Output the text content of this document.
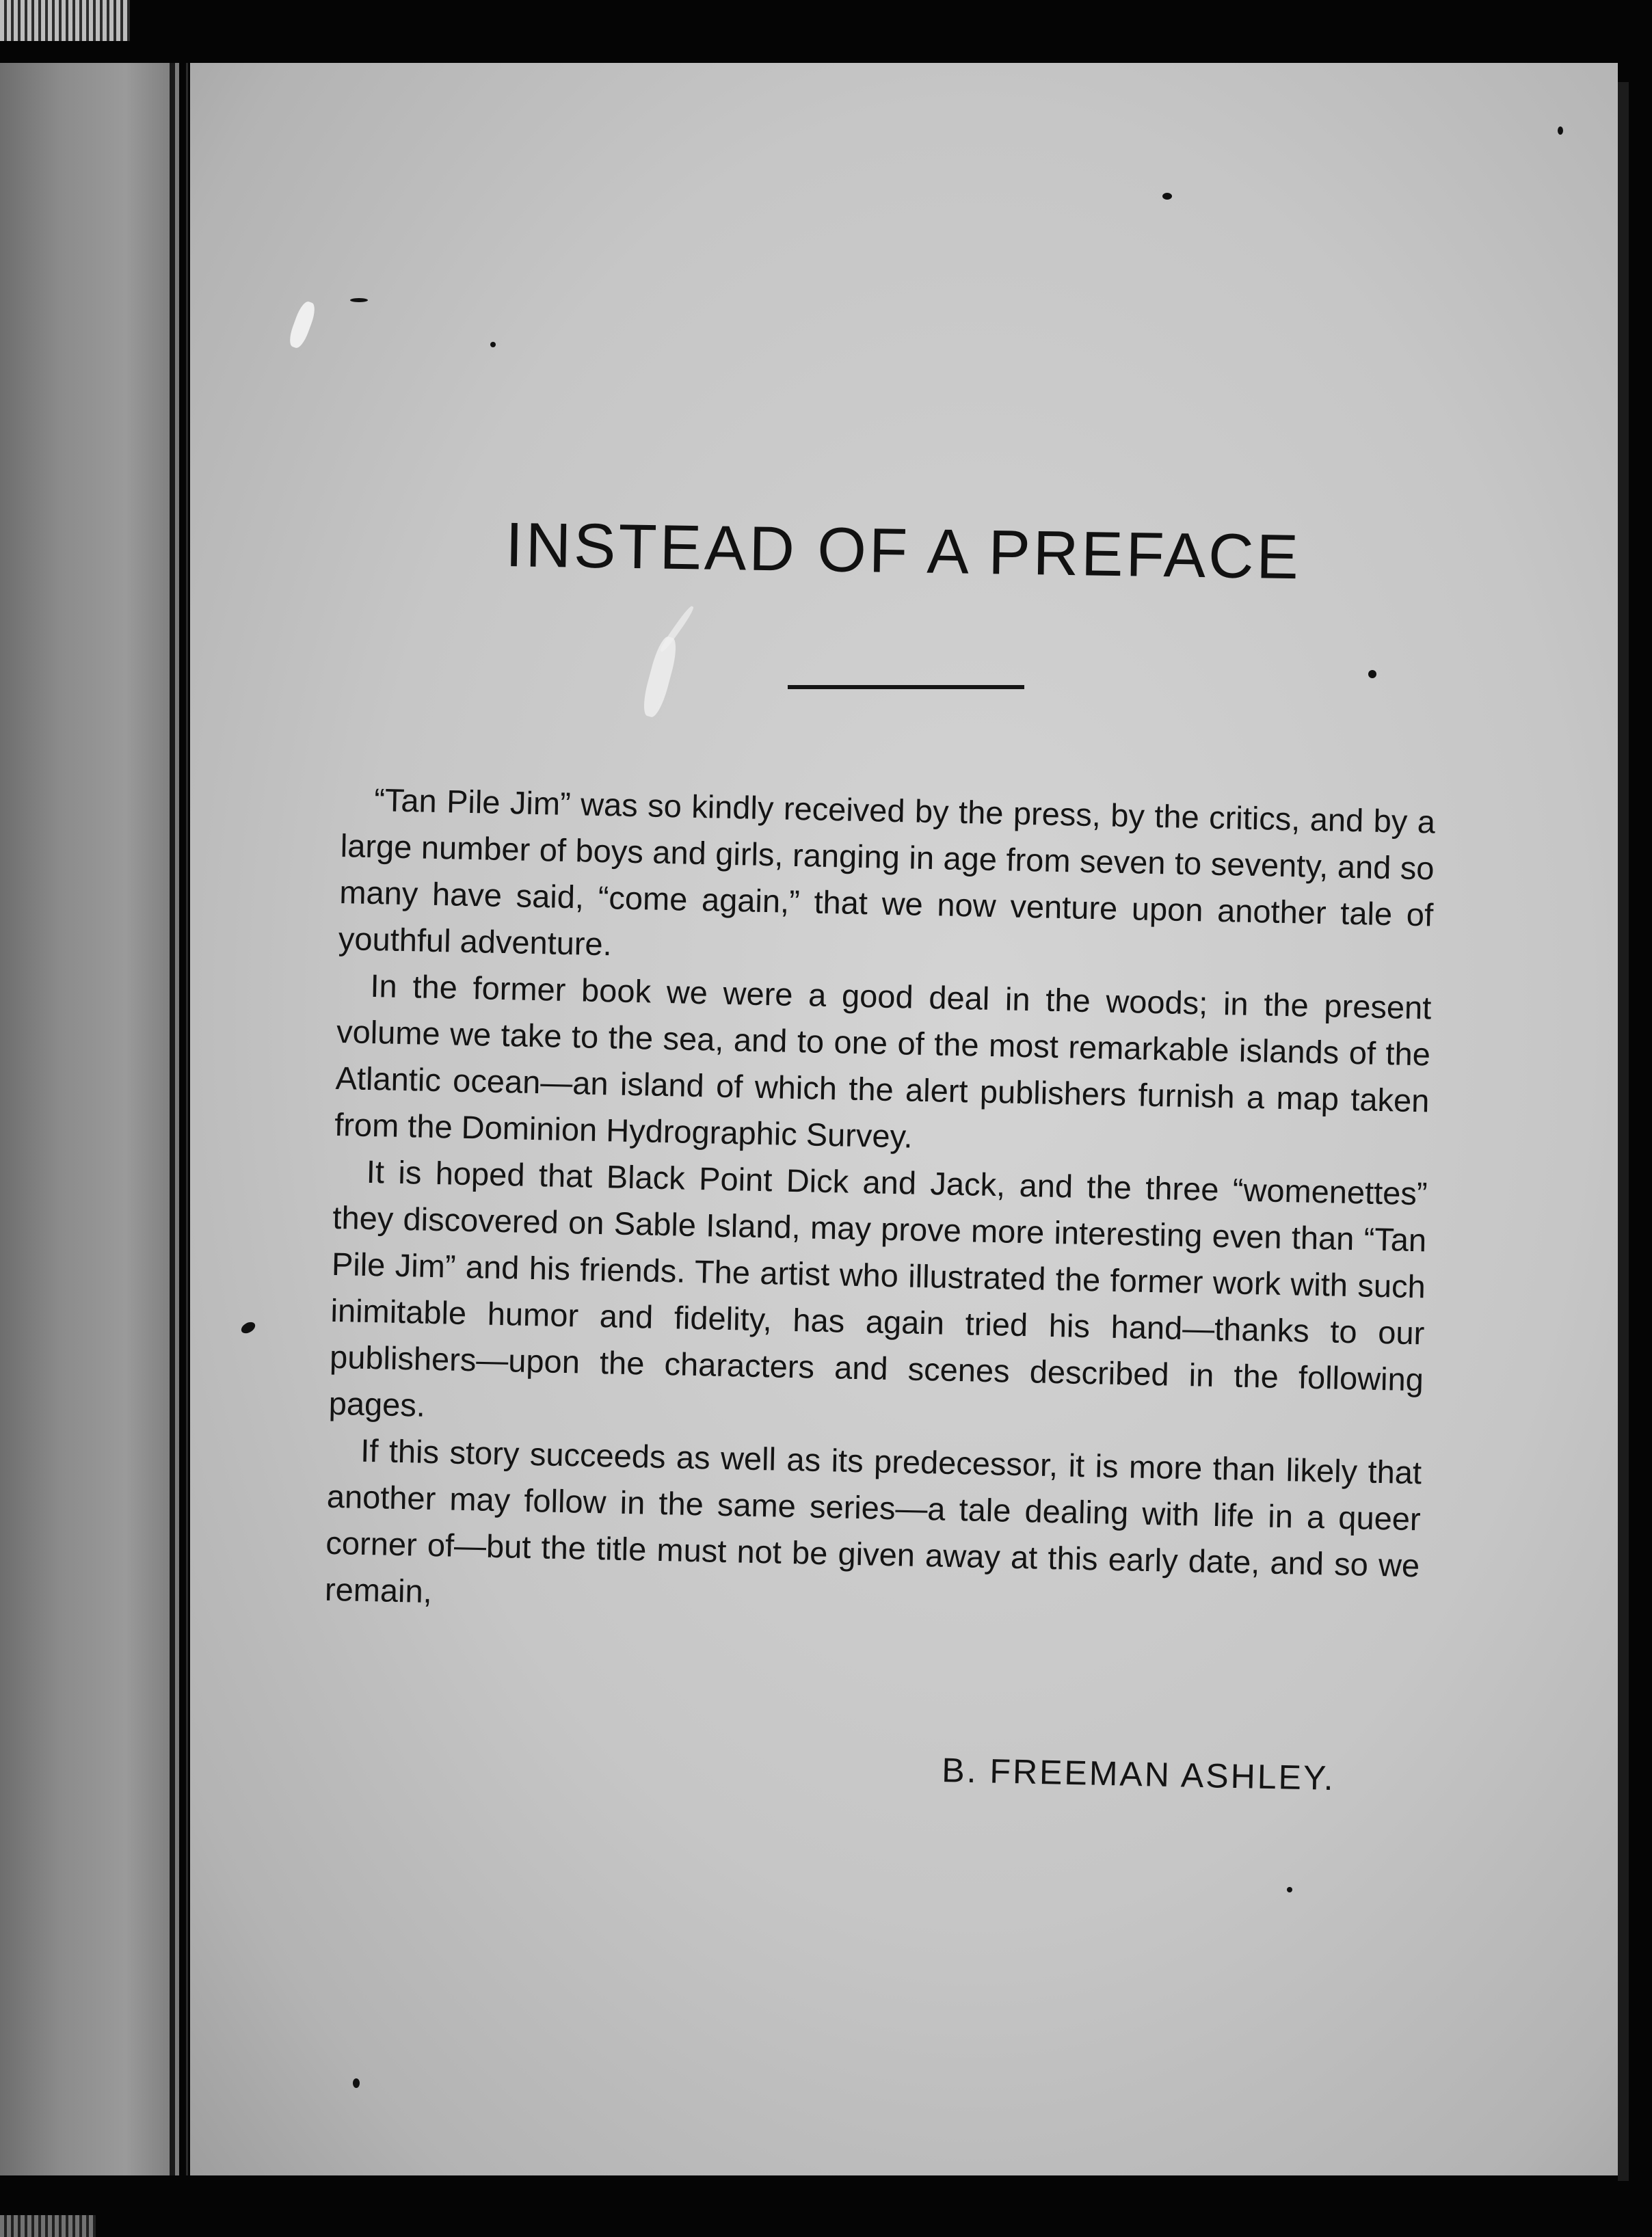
INSTEAD OF A PREFACE

“Tan Pile Jim” was so kindly received by the press, by the critics, and by a large number of boys and girls, ranging in age from seven to seventy, and so many have said, “come again,” that we now venture upon another tale of youthful adventure.

In the former book we were a good deal in the woods; in the present volume we take to the sea, and to one of the most remarkable islands of the Atlantic ocean—an island of which the alert publishers furnish a map taken from the Dominion Hydrographic Survey.

It is hoped that Black Point Dick and Jack, and the three “womenettes” they discovered on Sable Island, may prove more interesting even than “Tan Pile Jim” and his friends. The artist who illustrated the former work with such inimitable humor and fidelity, has again tried his hand—thanks to our publishers—upon the characters and scenes described in the following pages.

If this story succeeds as well as its predecessor, it is more than likely that another may follow in the same series—a tale dealing with life in a queer corner of—but the title must not be given away at this early date, and so we remain,

B. FREEMAN ASHLEY.
